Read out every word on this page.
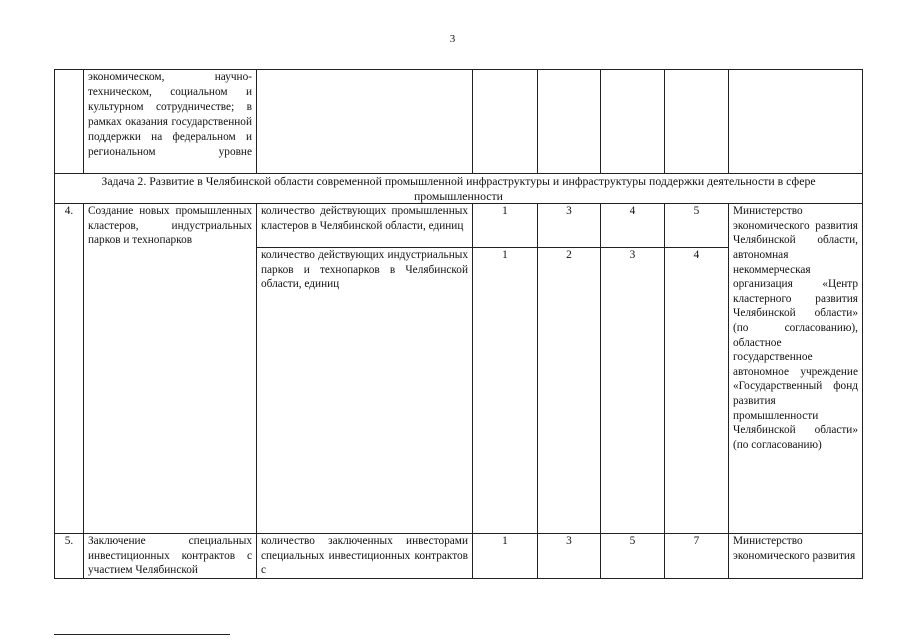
3
	экономическом, научно-техническом, социальном и культурном сотрудничестве; в рамках оказания государственной поддержки на федеральном и региональном уровне						
Задача 2. Развитие в Челябинской области современной промышленной инфраструктуры и инфраструктуры поддержки деятельности в сфере промышленности							
4.	Создание новых промышленных кластеров, индустриальных парков и технопарков	количество действующих промышленных кластеров в Челябинской области, единиц	1	3	4	5	Министерство экономического развития Челябинской области, автономная некоммерческая организация «Центр кластерного развития Челябинской области» (по согласованию), областное государственное автономное учреждение «Государственный фонд развития промышленности Челябинской области» (по согласованию)
		количество действующих индустриальных парков и технопарков в Челябинской области, единиц	1	2	3	4	
5.	Заключение специальных инвестиционных контрактов с участием Челябинской	количество заключенных инвесторами специальных инвестиционных контрактов с	1	3	5	7	Министерство экономического развития
